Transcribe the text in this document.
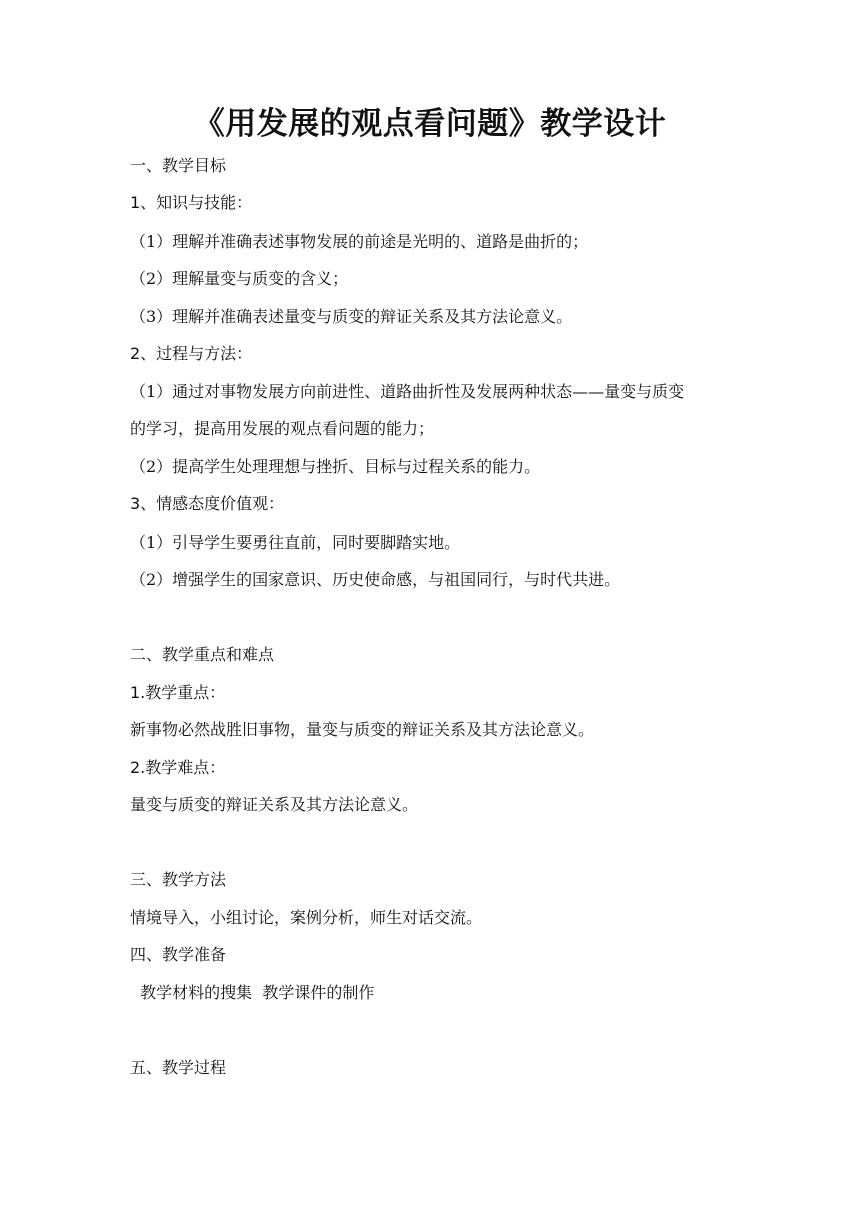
《用发展的观点看问题》教学设计
一、教学目标
1、知识与技能：
（1）理解并准确表述事物发展的前途是光明的、道路是曲折的；
（2）理解量变与质变的含义；
（3）理解并准确表述量变与质变的辩证关系及其方法论意义。
2、过程与方法：
（1）通过对事物发展方向前进性、道路曲折性及发展两种状态——量变与质变
的学习，提高用发展的观点看问题的能力；
（2）提高学生处理理想与挫折、目标与过程关系的能力。
3、情感态度价值观：
（1）引导学生要勇往直前，同时要脚踏实地。
（2）增强学生的国家意识、历史使命感，与祖国同行，与时代共进。
二、教学重点和难点
1.教学重点：
新事物必然战胜旧事物，量变与质变的辩证关系及其方法论意义。
2.教学难点：
量变与质变的辩证关系及其方法论意义。
三、教学方法
情境导入，小组讨论，案例分析，师生对话交流。
四、教学准备
教学材料的搜集  教学课件的制作
五、教学过程
